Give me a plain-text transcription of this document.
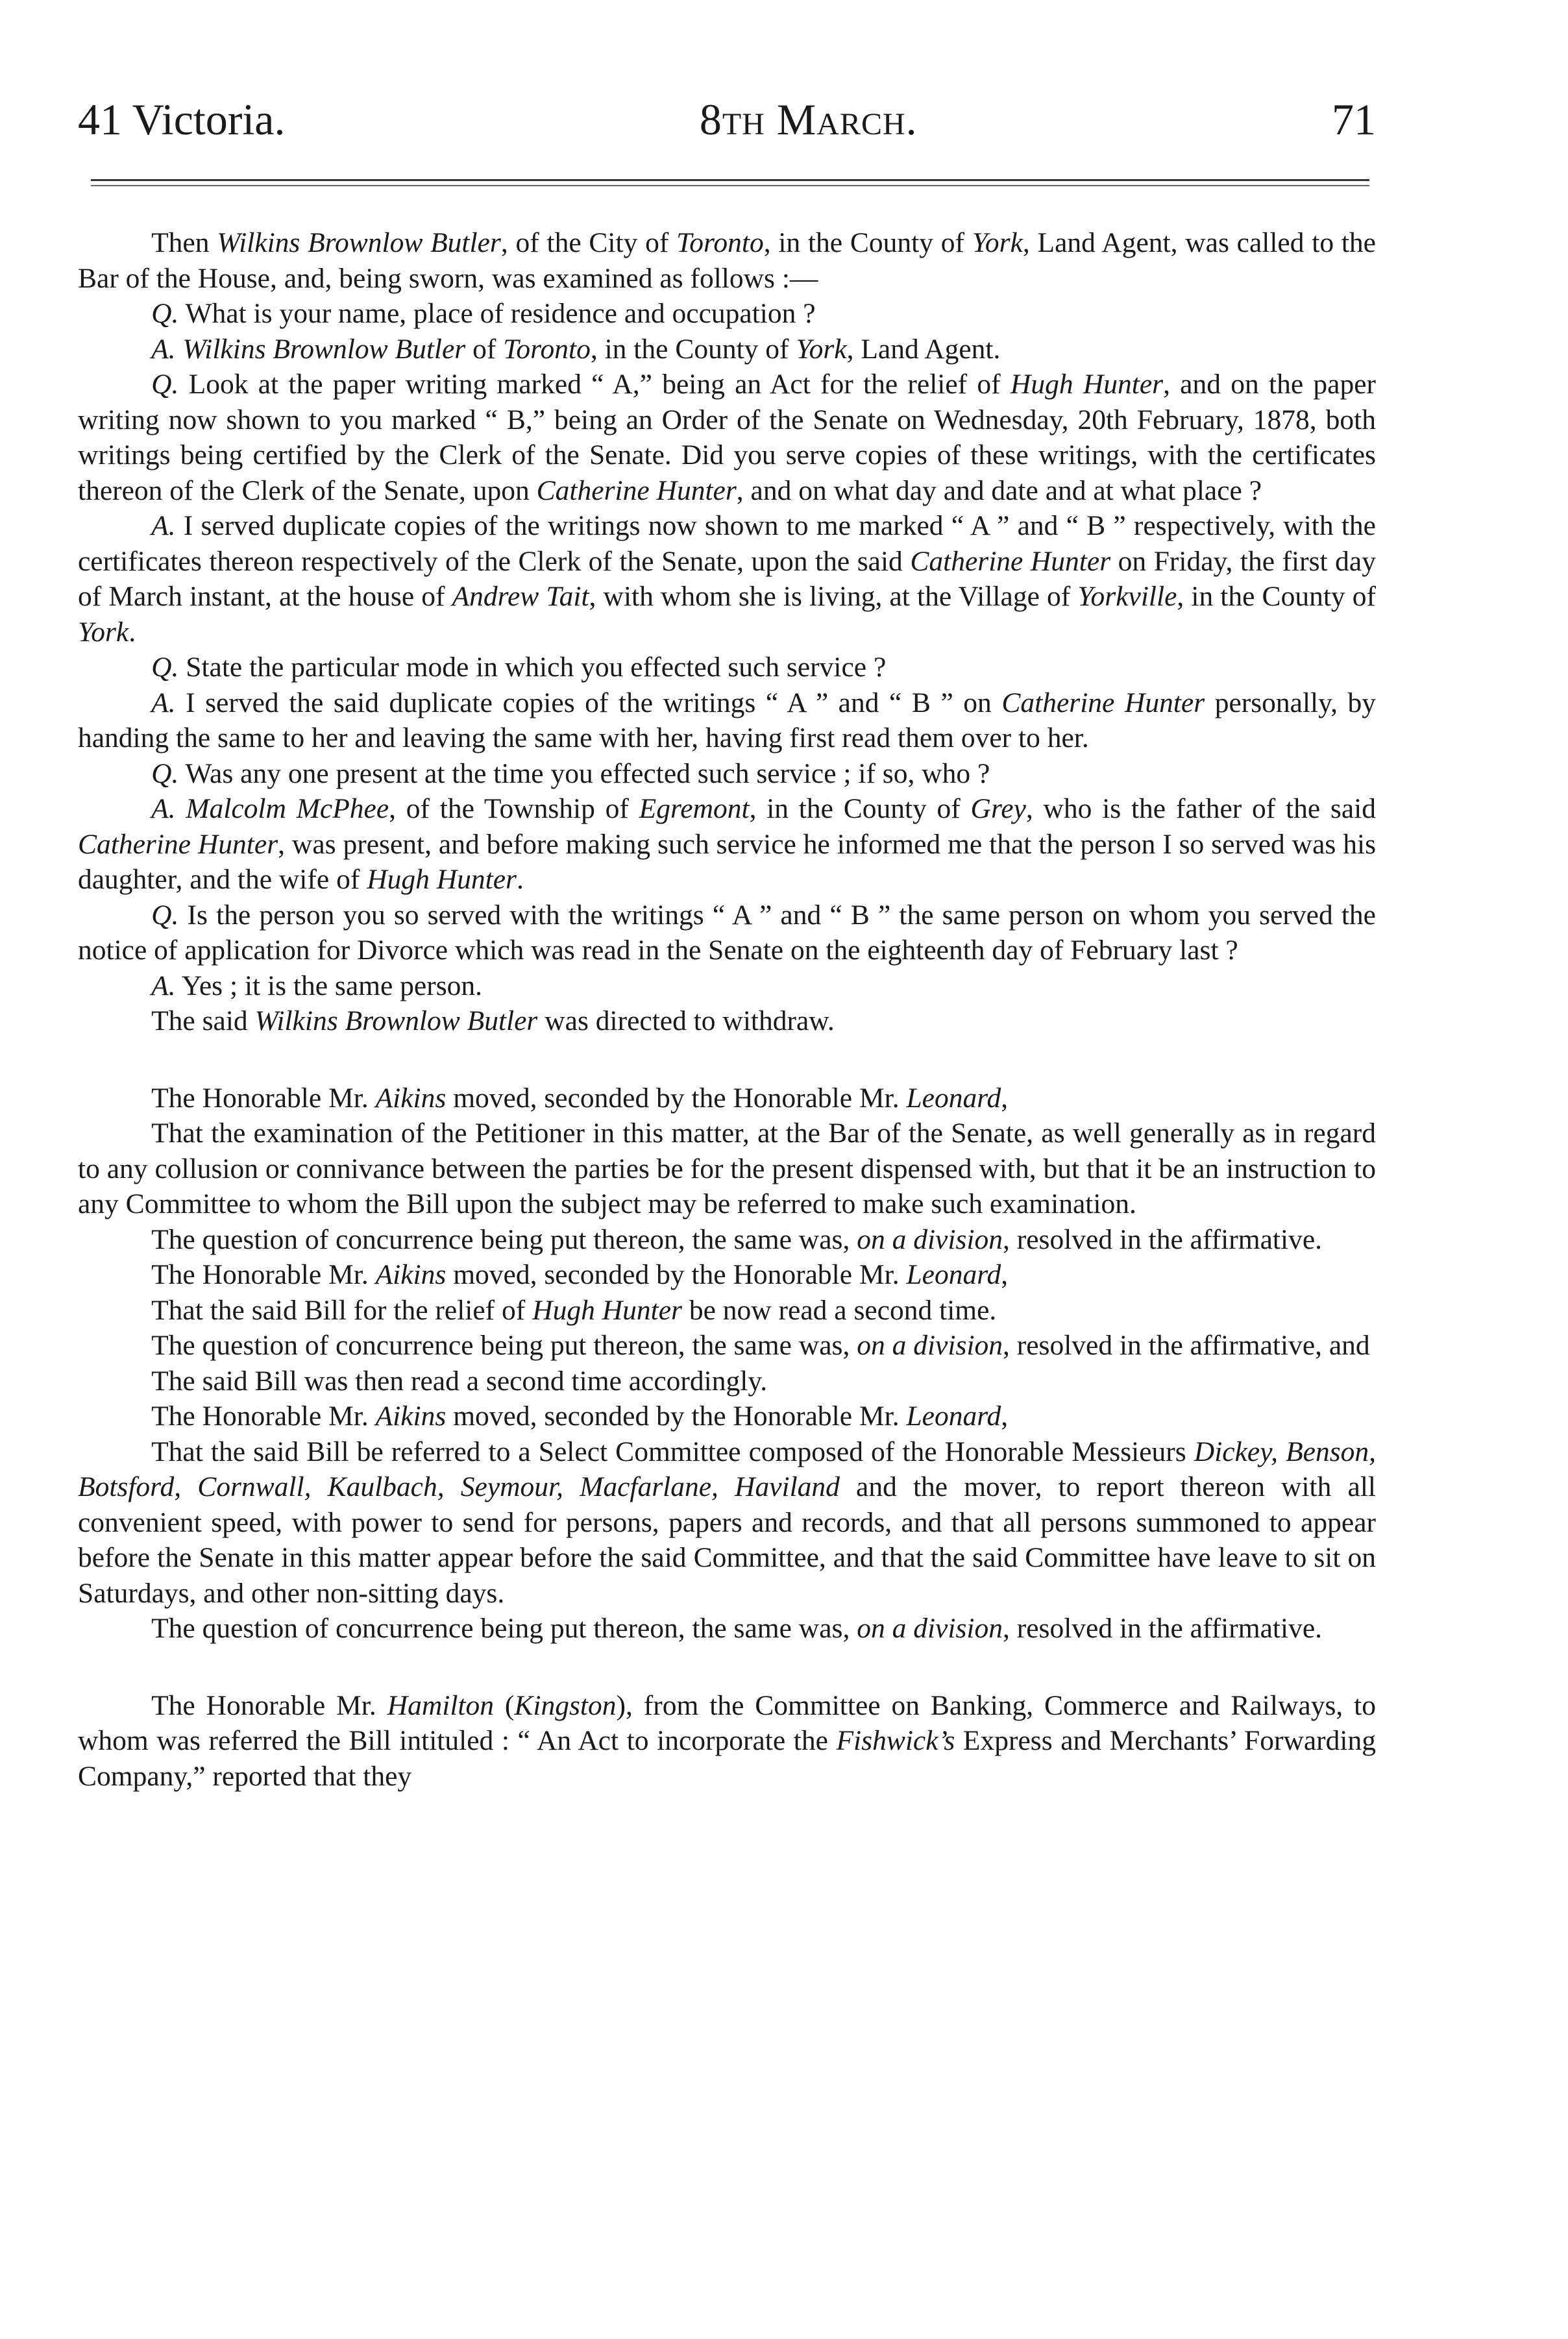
41 Victoria.	8th March.	71

Then Wilkins Brownlow Butler, of the City of Toronto, in the County of York, Land Agent, was called to the Bar of the House, and, being sworn, was examined as follows :—

Q. What is your name, place of residence and occupation ?

A. Wilkins Brownlow Butler of Toronto, in the County of York, Land Agent.

Q. Look at the paper writing marked “ A,” being an Act for the relief of Hugh Hunter, and on the paper writing now shown to you marked “ B,” being an Order of the Senate on Wednesday, 20th February, 1878, both writings being certified by the Clerk of the Senate. Did you serve copies of these writings, with the certificates thereon of the Clerk of the Senate, upon Catherine Hunter, and on what day and date and at what place ?

A. I served duplicate copies of the writings now shown to me marked “ A ” and “ B ” respectively, with the certificates thereon respectively of the Clerk of the Senate, upon the said Catherine Hunter on Friday, the first day of March instant, at the house of Andrew Tait, with whom she is living, at the Village of Yorkville, in the County of York.

Q. State the particular mode in which you effected such service ?

A. I served the said duplicate copies of the writings “ A ” and “ B ” on Catherine Hunter personally, by handing the same to her and leaving the same with her, having first read them over to her.

Q. Was any one present at the time you effected such service ; if so, who ?

A. Malcolm McPhee, of the Township of Egremont, in the County of Grey, who is the father of the said Catherine Hunter, was present, and before making such service he informed me that the person I so served was his daughter, and the wife of Hugh Hunter.

Q. Is the person you so served with the writings “ A ” and “ B ” the same person on whom you served the notice of application for Divorce which was read in the Senate on the eighteenth day of February last ?

A. Yes ; it is the same person.

The said Wilkins Brownlow Butler was directed to withdraw.

The Honorable Mr. Aikins moved, seconded by the Honorable Mr. Leonard,

That the examination of the Petitioner in this matter, at the Bar of the Senate, as well generally as in regard to any collusion or connivance between the parties be for the present dispensed with, but that it be an instruction to any Committee to whom the Bill upon the subject may be referred to make such examination.

The question of concurrence being put thereon, the same was, on a division, resolved in the affirmative.

The Honorable Mr. Aikins moved, seconded by the Honorable Mr. Leonard,

That the said Bill for the relief of Hugh Hunter be now read a second time.

The question of concurrence being put thereon, the same was, on a division, resolved in the affirmative, and

The said Bill was then read a second time accordingly.

The Honorable Mr. Aikins moved, seconded by the Honorable Mr. Leonard,

That the said Bill be referred to a Select Committee composed of the Honorable Messieurs Dickey, Benson, Botsford, Cornwall, Kaulbach, Seymour, Macfarlane, Haviland and the mover, to report thereon with all convenient speed, with power to send for persons, papers and records, and that all persons summoned to appear before the Senate in this matter appear before the said Committee, and that the said Committee have leave to sit on Saturdays, and other non-sitting days.

The question of concurrence being put thereon, the same was, on a division, resolved in the affirmative.

The Honorable Mr. Hamilton (Kingston), from the Committee on Banking, Commerce and Railways, to whom was referred the Bill intituled : “ An Act to incorporate the Fishwick’s Express and Merchants’ Forwarding Company,” reported that they
